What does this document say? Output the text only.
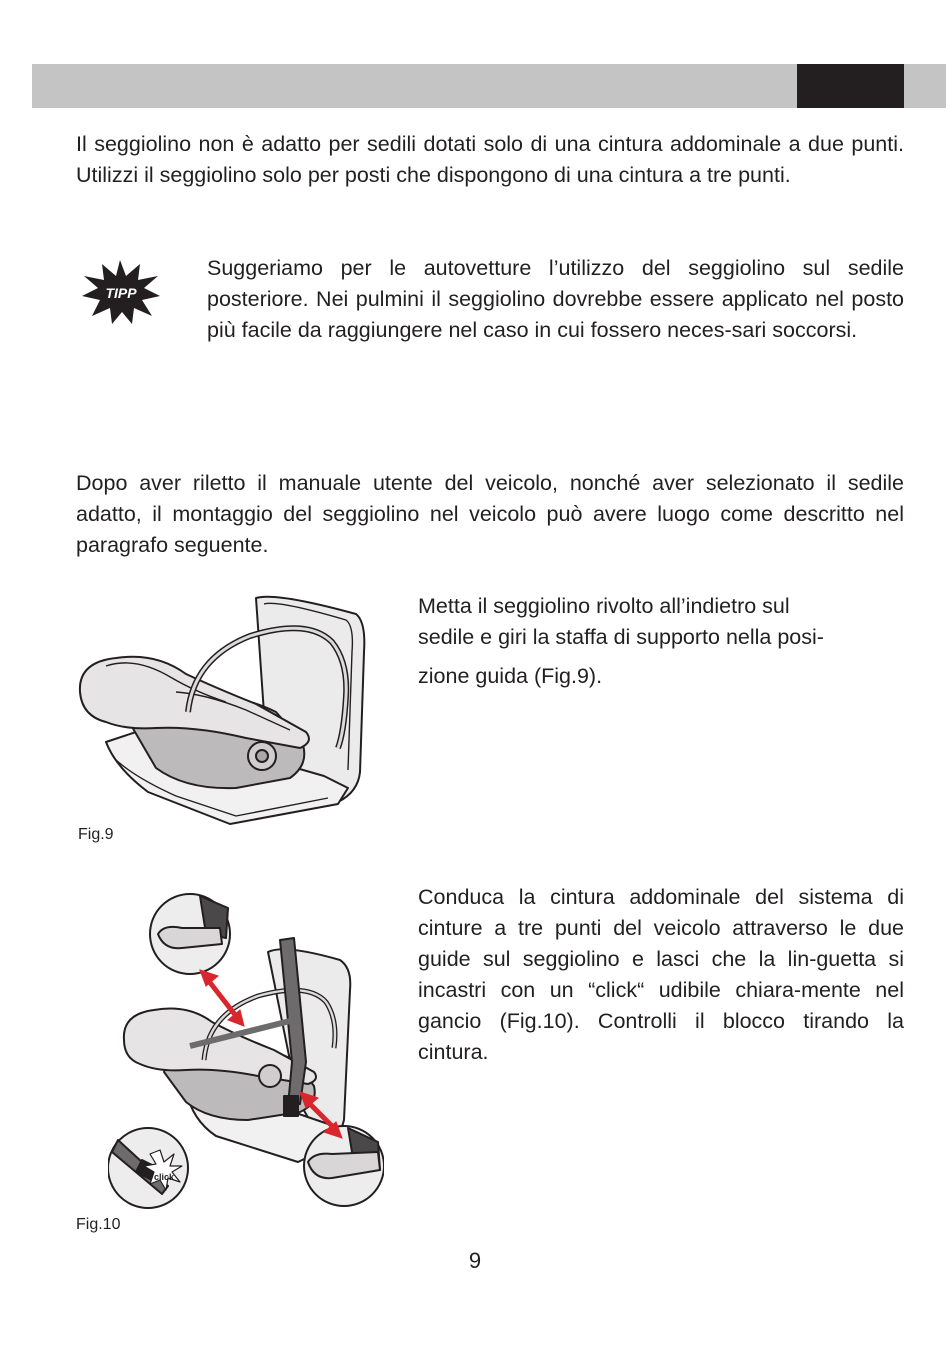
Il seggiolino non è adatto per sedili dotati solo di una cintura addominale a due punti. Utilizzi il seggiolino solo per posti che dispongono di una cintura a tre punti.

TIPP

Suggeriamo per le autovetture l’utilizzo del seggiolino sul sedile posteriore. Nei pulmini il seggiolino dovrebbe essere applicato nel posto più facile da raggiungere nel caso in cui fossero neces-sari soccorsi.

Dopo aver riletto il manuale utente del veicolo, nonché aver selezionato il sedile adatto, il montaggio del seggiolino nel veicolo può avere luogo come descritto nel paragrafo seguente.

Fig.9

Metta il seggiolino rivolto all’indietro sul
sedile e giri la staffa di supporto nella posi-
zione guida (Fig.9).

click
Fig.10

Conduca la cintura addominale del sistema di cinture a tre punti del veicolo attraverso le due guide sul seggiolino e lasci che la lin-guetta si incastri con un “click“ udibile chiara-mente nel gancio (Fig.10). Controlli il blocco tirando la cintura.

9
